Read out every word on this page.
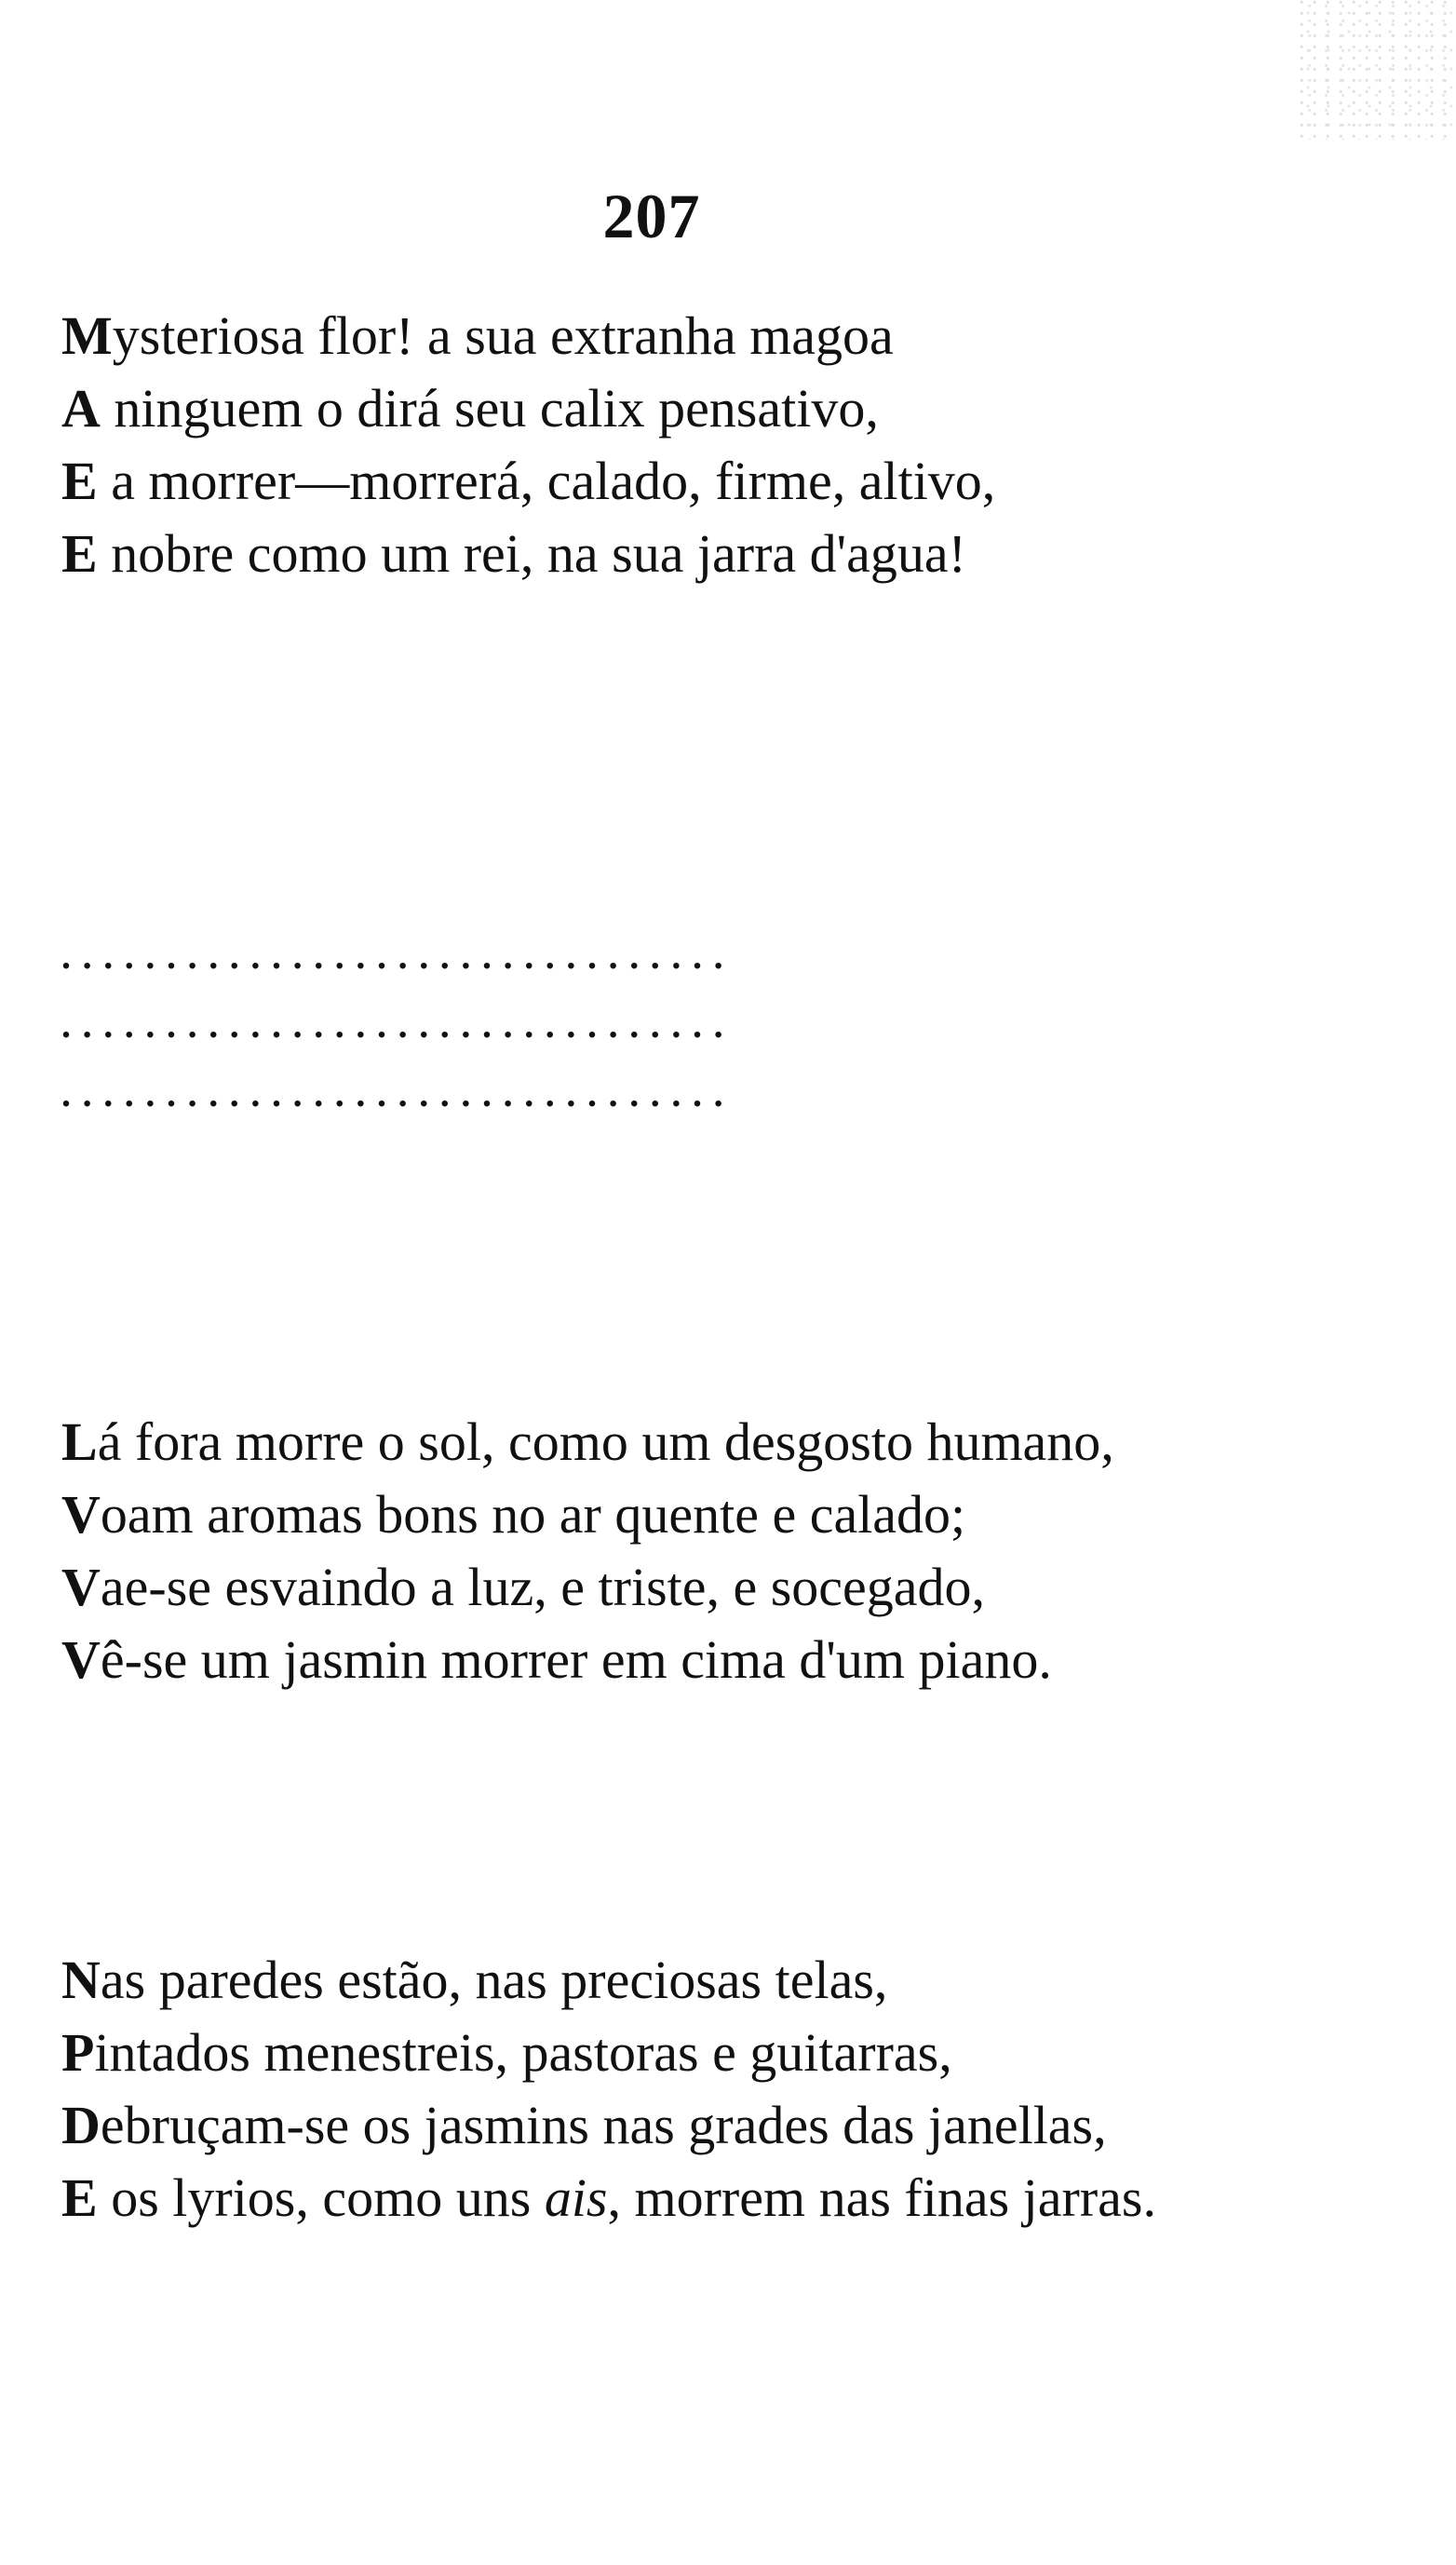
207
Mysteriosa flor! a sua extranha magoa
A ninguem o dirá seu calix pensativo,
E a morrer—morrerá, calado, firme, altivo,
E nobre como um rei, na sua jarra d'agua!
................................
................................
................................
Lá fora morre o sol, como um desgosto humano,
Voam aromas bons no ar quente e calado;
Vae-se esvaindo a luz, e triste, e socegado,
Vê-se um jasmin morrer em cima d'um piano.
Nas paredes estão, nas preciosas telas,
Pintados menestreis, pastoras e guitarras,
Debruçam-se os jasmins nas grades das janellas,
E os lyrios, como uns ais, morrem nas finas jarras.
